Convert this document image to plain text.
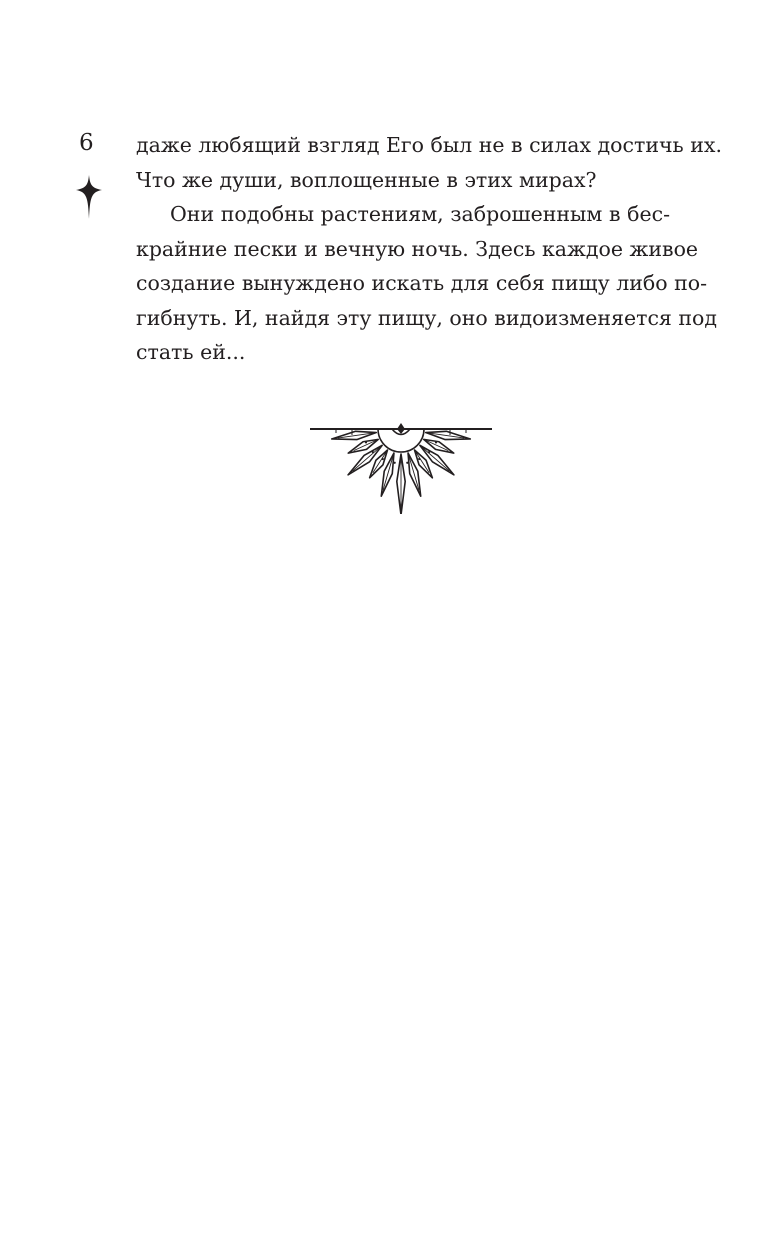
6 даже любящий взгляд Его был не в силах достичь их.
Что же души, воплощенные в этих мирах?
Они подобны растениям, заброшенным в бес-
крайние пески и вечную ночь. Здесь каждое живое
создание вынуждено искать для себя пищу либо по-
гибнуть. И, найдя эту пищу, оно видоизменяется под
стать ей...
